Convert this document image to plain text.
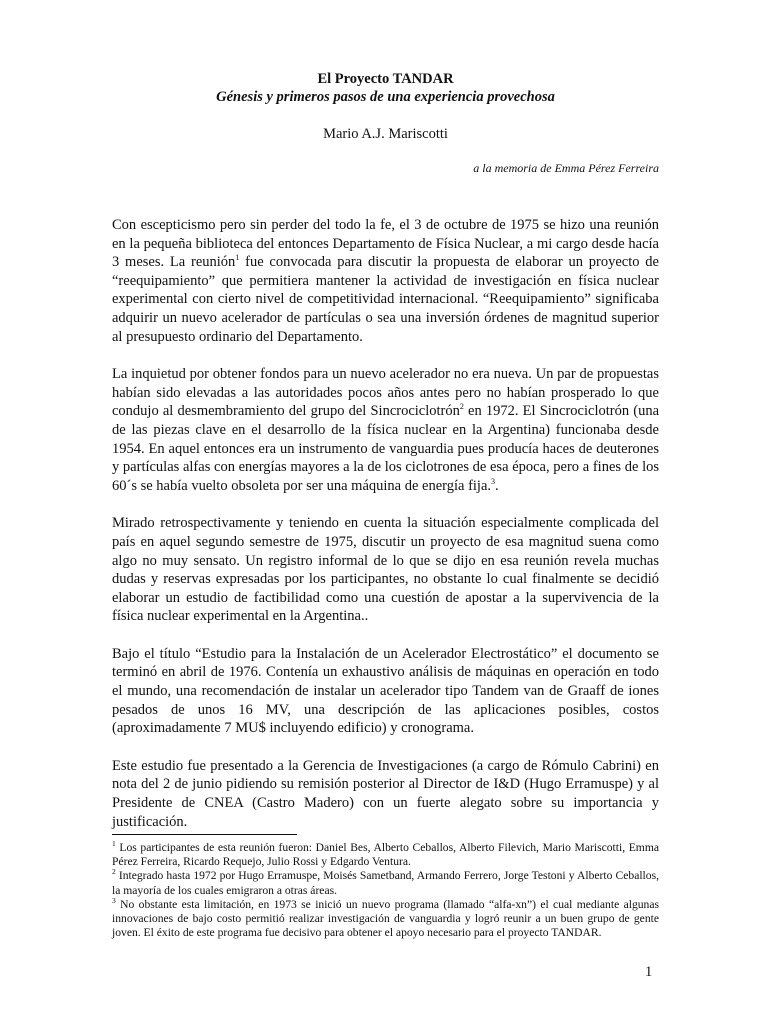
El Proyecto TANDAR

Génesis y primeros pasos de una experiencia provechosa

Mario A.J. Mariscotti

a la memoria de Emma Pérez Ferreira

Con escepticismo pero sin perder del todo la fe, el 3 de octubre de 1975 se hizo una reunión en la pequeña biblioteca del entonces Departamento de Física Nuclear, a mi cargo desde hacía 3 meses. La reunión$^1$ fue convocada para discutir la propuesta de elaborar un proyecto de “reequipamiento” que permitiera mantener la actividad de investigación en física nuclear experimental con cierto nivel de competitividad internacional. “Reequipamiento” significaba adquirir un nuevo acelerador de partículas o sea una inversión órdenes de magnitud superior al presupuesto ordinario del Departamento.

La inquietud por obtener fondos para un nuevo acelerador no era nueva. Un par de propuestas habían sido elevadas a las autoridades pocos años antes pero no habían prosperado lo que condujo al desmembramiento del grupo del Sincrociclotrón$^2$ en 1972. El Sincrociclotrón (una de las piezas clave en el desarrollo de la física nuclear en la Argentina) funcionaba desde 1954. En aquel entonces era un instrumento de vanguardia pues producía haces de deuterones y partículas alfas con energías mayores a la de los ciclotrones de esa época, pero a fines de los 60´s se había vuelto obsoleta por ser una máquina de energía fija.$^3$.

Mirado retrospectivamente y teniendo en cuenta la situación especialmente complicada del país en aquel segundo semestre de 1975, discutir un proyecto de esa magnitud suena como algo no muy sensato. Un registro informal de lo que se dijo en esa reunión revela muchas dudas y reservas expresadas por los participantes, no obstante lo cual finalmente se decidió elaborar un estudio de factibilidad como una cuestión de apostar a la supervivencia de la física nuclear experimental en la Argentina..

Bajo el título “Estudio para la Instalación de un Acelerador Electrostático” el documento se terminó en abril de 1976. Contenía un exhaustivo análisis de máquinas en operación en todo el mundo, una recomendación de instalar un acelerador tipo Tandem van de Graaff de iones pesados de unos 16 MV, una descripción de las aplicaciones posibles, costos (aproximadamente 7 MU$ incluyendo edificio) y cronograma.

Este estudio fue presentado a la Gerencia de Investigaciones (a cargo de Rómulo Cabrini) en nota del 2 de junio pidiendo su remisión posterior al Director de I&D (Hugo Erramuspe) y al Presidente de CNEA (Castro Madero) con un fuerte alegato sobre su importancia y justificación.

$^1$ Los participantes de esta reunión fueron: Daniel Bes, Alberto Ceballos, Alberto Filevich, Mario Mariscotti, Emma Pérez Ferreira, Ricardo Requejo, Julio Rossi y Edgardo Ventura.

$^2$ Integrado hasta 1972 por Hugo Erramuspe, Moisés Sametband, Armando Ferrero, Jorge Testoni y Alberto Ceballos, la mayoría de los cuales emigraron a otras áreas.

$^3$ No obstante esta limitación, en 1973 se inició un nuevo programa (llamado “alfa-xn”) el cual mediante algunas innovaciones de bajo costo permitió realizar investigación de vanguardia y logró reunir a un buen grupo de gente joven. El éxito de este programa fue decisivo para obtener el apoyo necesario para el proyecto TANDAR.

1
